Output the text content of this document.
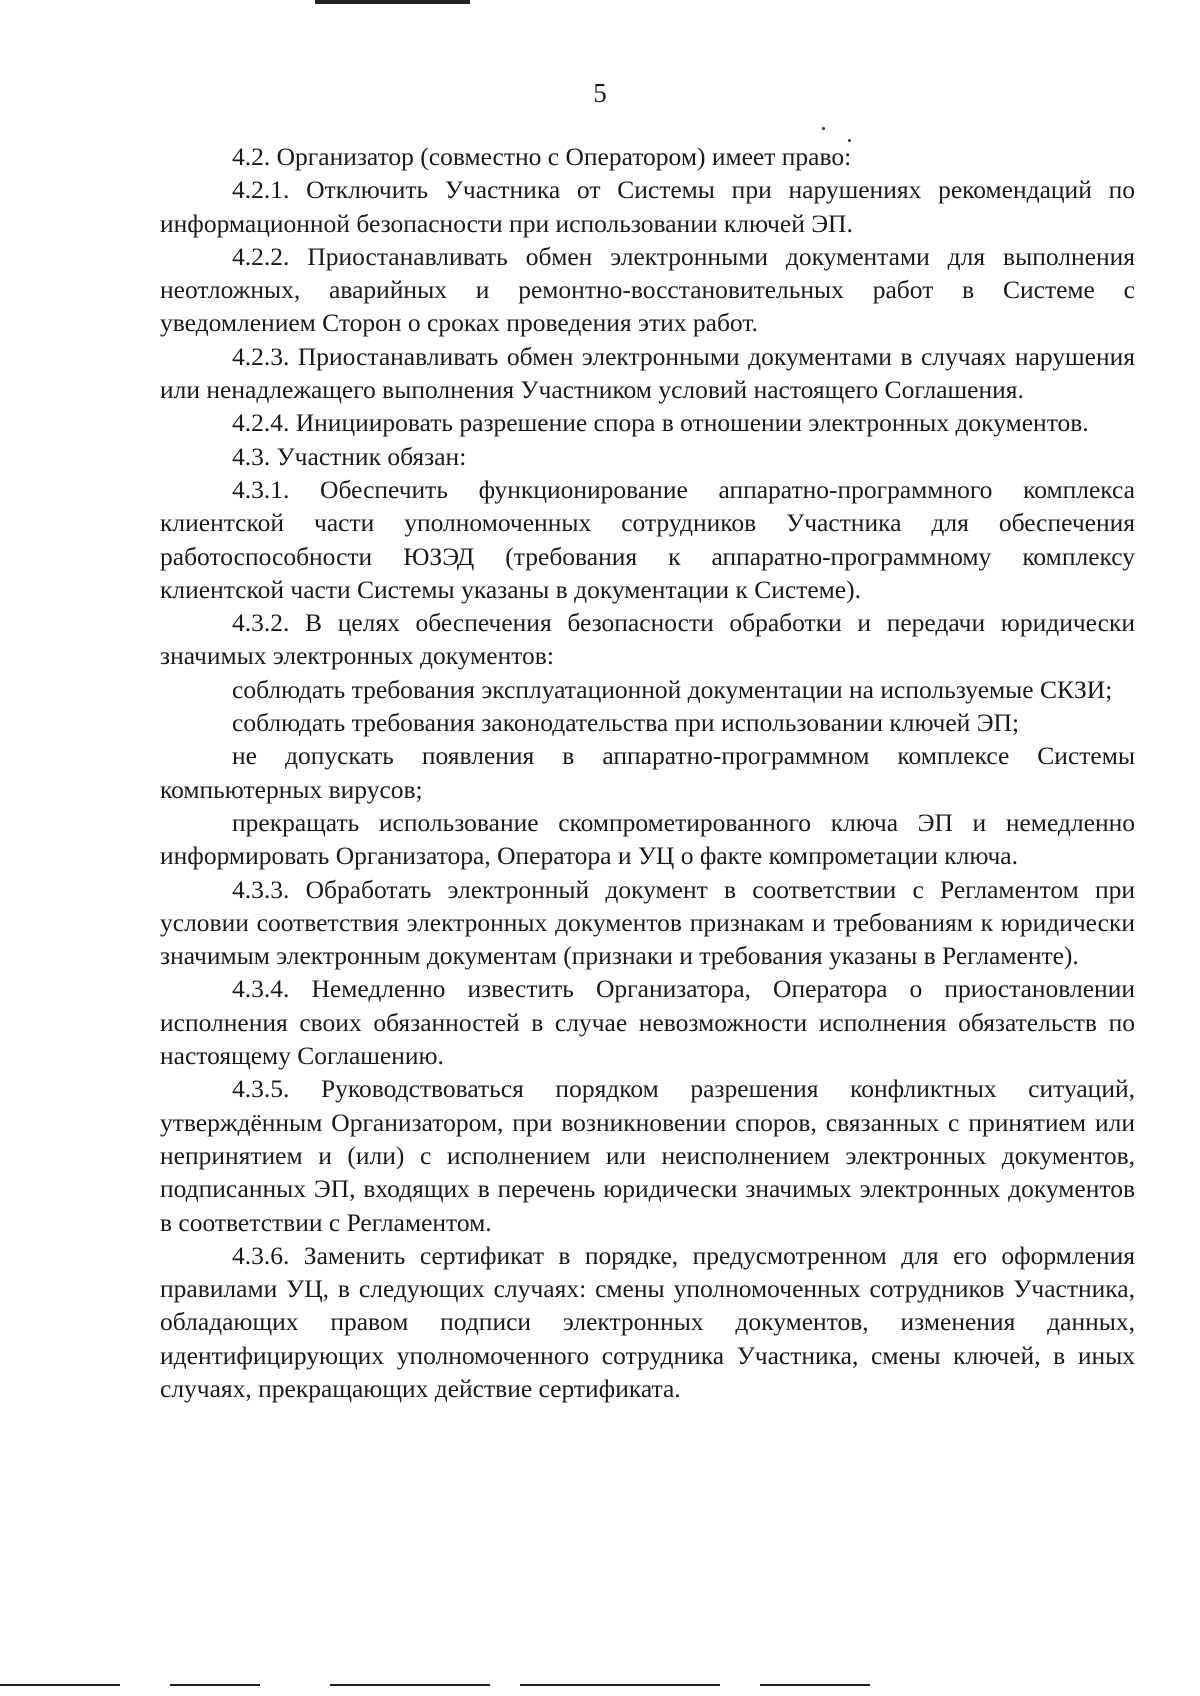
5

4.2. Организатор (совместно с Оператором) имеет право:

4.2.1. Отключить Участника от Системы при нарушениях рекомендаций по информационной безопасности при использовании ключей ЭП.

4.2.2. Приостанавливать обмен электронными документами для выполнения неотложных, аварийных и ремонтно-восстановительных работ в Системе с уведомлением Сторон о сроках проведения этих работ.

4.2.3. Приостанавливать обмен электронными документами в случаях нарушения или ненадлежащего выполнения Участником условий настоящего Соглашения.

4.2.4. Инициировать разрешение спора в отношении электронных документов.

4.3. Участник обязан:

4.3.1. Обеспечить функционирование аппаратно-программного комплекса клиентской части уполномоченных сотрудников Участника для обеспечения работоспособности ЮЗЭД (требования к аппаратно-программному комплексу клиентской части Системы указаны в документации к Системе).

4.3.2. В целях обеспечения безопасности обработки и передачи юридически значимых электронных документов:

соблюдать требования эксплуатационной документации на используемые СКЗИ;

соблюдать требования законодательства при использовании ключей ЭП;

не допускать появления в аппаратно-программном комплексе Системы компьютерных вирусов;

прекращать использование скомпрометированного ключа ЭП и немедленно информировать Организатора, Оператора и УЦ о факте компрометации ключа.

4.3.3. Обработать электронный документ в соответствии с Регламентом при условии соответствия электронных документов признакам и требованиям к юридически значимым электронным документам (признаки и требования указаны в Регламенте).

4.3.4. Немедленно известить Организатора, Оператора о приостановлении исполнения своих обязанностей в случае невозможности исполнения обязательств по настоящему Соглашению.

4.3.5. Руководствоваться порядком разрешения конфликтных ситуаций, утверждённым Организатором, при возникновении споров, связанных с принятием или непринятием и (или) с исполнением или неисполнением электронных документов, подписанных ЭП, входящих в перечень юридически значимых электронных документов в соответствии с Регламентом.

4.3.6. Заменить сертификат в порядке, предусмотренном для его оформления правилами УЦ, в следующих случаях: смены уполномоченных сотрудников Участника, обладающих правом подписи электронных документов, изменения данных, идентифицирующих уполномоченного сотрудника Участника, смены ключей, в иных случаях, прекращающих действие сертификата.
